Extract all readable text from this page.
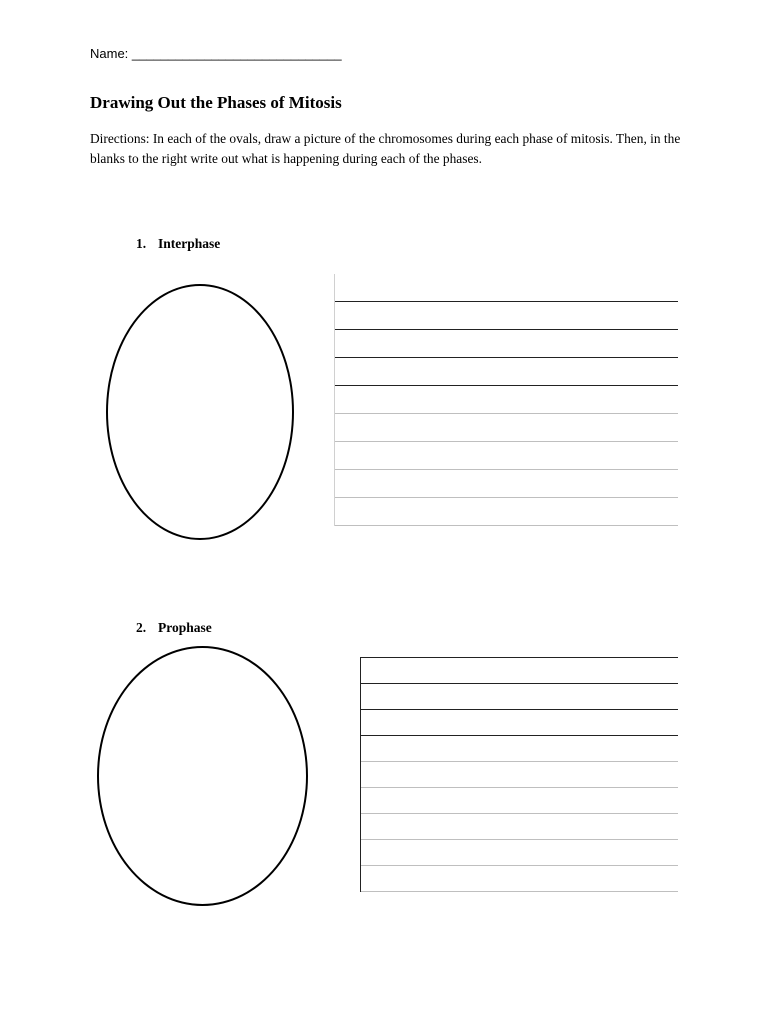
Name: _____________________________
Drawing Out the Phases of Mitosis

Directions: In each of the ovals, draw a picture of the chromosomes during each phase of mitosis. Then, in the blanks to the right write out what is happening during each of the phases.

1. Interphase
2. Prophase
